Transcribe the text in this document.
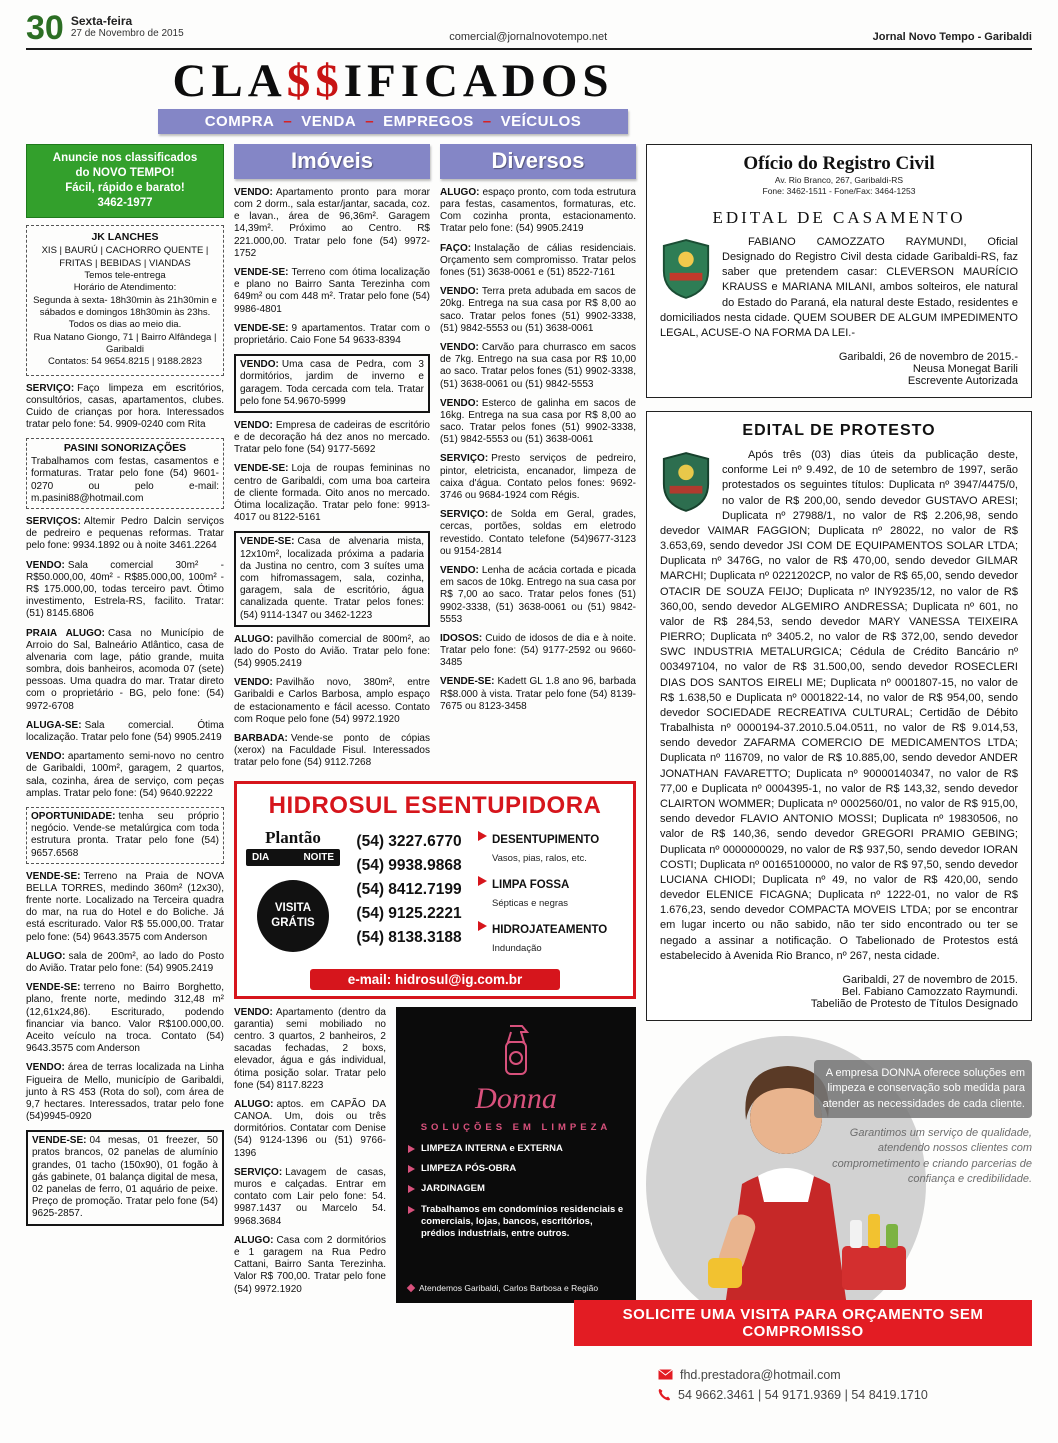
30 Sexta-feira
27 de Novembro de 2015	comercial@jornalnovotempo.net	Jornal Novo Tempo - Garibaldi
CLA$$IFICADOS
COMPRA – VENDA – EMPREGOS – VEÍCULOS
Anuncie nos classificados
do NOVO TEMPO!
Fácil, rápido e barato!
3462-1977
JK LANCHES
XIS | BAURÚ | CACHORRO QUENTE | FRITAS | BEBIDAS | VIANDAS
Temos tele-entrega
Horário de Atendimento:
Segunda à sexta- 18h30min às 21h30min e sábados e domingos 18h30min às 23hs.
Todos os dias ao meio dia.
Rua Natano Giongo, 71 | Bairro Alfândega | Garibaldi
Contatos: 54 9654.8215 | 9188.2823
SERVIÇO: Faço limpeza em escritórios, consultórios, casas, apartamentos, clubes. Cuido de crianças por hora. Interessados tratar pelo fone: 54. 9909-0240 com Rita
PASINI SONORIZAÇÕES
Trabalhamos com festas, casamentos e formaturas. Tratar pelo fone (54) 9601-0270 ou pelo e-mail: m.pasini88@hotmail.com
SERVIÇOS: Altemir Pedro Dalcin serviços de pedreiro e pequenas reformas. Tratar pelo fone: 9934.1892 ou à noite 3461.2264
VENDO: Sala comercial 30m² - R$50.000,00, 40m² - R$85.000,00, 100m² - R$ 175.000,00, todas terceiro pavt. Ótimo investimento, Estrela-RS, facilito. Tratar: (51) 8145.6806
PRAIA ALUGO: Casa no Município de Arroio do Sal, Balneário Atlântico, casa de alvenaria com lage, pátio grande, muita sombra, dois banheiros, acomoda 07 (sete) pessoas. Uma quadra do mar. Tratar direto com o proprietário - BG, pelo fone: (54) 9972-6708
ALUGA-SE: Sala comercial. Ótima localização. Tratar pelo fone (54) 9905.2419
VENDO: apartamento semi-novo no centro de Garibaldi, 100m², garagem, 2 quartos, sala, cozinha, área de serviço, com peças amplas. Tratar pelo fone: (54) 9640.92222
OPORTUNIDADE: tenha seu próprio negócio. Vende-se metalúrgica com toda estrutura pronta. Tratar pelo fone (54) 9657.6568
VENDE-SE: Terreno na Praia de NOVA BELLA TORRES, medindo 360m² (12x30), frente norte. Localizado na Terceira quadra do mar, na rua do Hotel e do Boliche. Já está escriturado. Valor R$ 55.000,00. Tratar pelo fone: (54) 9643.3575 com Anderson
ALUGO: sala de 200m², ao lado do Posto do Avião. Tratar pelo fone: (54) 9905.2419
VENDE-SE: terreno no Bairro Borghetto, plano, frente norte, medindo 312,48 m² (12,61x24,86). Escriturado, podendo financiar via banco. Valor R$100.000,00. Aceito veículo na troca. Contato (54) 9643.3575 com Anderson
VENDO: área de terras localizada na Linha Figueira de Mello, município de Garibaldi, junto à RS 453 (Rota do sol), com área de 9,7 hectares. Interessados, tratar pelo fone (54)9945-0920
VENDE-SE: 04 mesas, 01 freezer, 50 pratos brancos, 02 panelas de alumínio grandes, 01 tacho (150x90), 01 fogão à gás gabinete, 01 balança digital de mesa, 02 panelas de ferro, 01 aquário de peixe. Preço de promoção. Tratar pelo fone (54) 9625-2857.
Imóveis
VENDO: Apartamento pronto para morar com 2 dorm., sala estar/jantar, sacada, coz. e lavan., área de 96,36m². Garagem 14,39m². Próximo ao Centro. R$ 221.000,00. Tratar pelo fone (54) 9972-1752
VENDE-SE: Terreno com ótima localização e plano no Bairro Santa Terezinha com 649m² ou com 448 m². Tratar pelo fone (54) 9986-4801
VENDE-SE: 9 apartamentos. Tratar com o proprietário. Caio Fone 54 9633-8394
VENDO: Uma casa de Pedra, com 3 dormitórios, jardim de inverno e garagem. Toda cercada com tela. Tratar pelo fone 54.9670-5999
VENDO: Empresa de cadeiras de escritório e de decoração há dez anos no mercado. Tratar pelo fone (54) 9177-5692
VENDE-SE: Loja de roupas femininas no centro de Garibaldi, com uma boa carteira de cliente formada. Oito anos no mercado. Ótima localização. Tratar pelo fone: 9913-4017 ou 8122-5161
VENDE-SE: Casa de alvenaria mista, 12x10m², localizada próxima a padaria da Justina no centro, com 3 suítes uma com hifromassagem, sala, cozinha, garagem, sala de escritório, água canalizada quente. Tratar pelos fones: (54) 9114-1347 ou 3462-1223
ALUGO: pavilhão comercial de 800m², ao lado do Posto do Avião. Tratar pelo fone: (54) 9905.2419
VENDO: Pavilhão novo, 380m², entre Garibaldi e Carlos Barbosa, amplo espaço de estacionamento e fácil acesso. Contato com Roque pelo fone (54) 9972.1920
BARBADA: Vende-se ponto de cópias (xerox) na Faculdade Fisul. Interessados tratar pelo fone (54) 9112.7268
Diversos
ALUGO: espaço pronto, com toda estrutura para festas, casamentos, formaturas, etc. Com cozinha pronta, estacionamento. Tratar pelo fone: (54) 9905.2419
FAÇO: Instalação de cálias residenciais. Orçamento sem compromisso. Tratar pelos fones (51) 3638-0061 e (51) 8522-7161
VENDO: Terra preta adubada em sacos de 20kg. Entrega na sua casa por R$ 8,00 ao saco. Tratar pelos fones (51) 9902-3338, (51) 9842-5553 ou (51) 3638-0061
VENDO: Carvão para churrasco em sacos de 7kg. Entrego na sua casa por R$ 10,00 ao saco. Tratar pelos fones (51) 9902-3338, (51) 3638-0061 ou (51) 9842-5553
VENDO: Esterco de galinha em sacos de 16kg. Entrega na sua casa por R$ 8,00 ao saco. Tratar pelos fones (51) 9902-3338, (51) 9842-5553 ou (51) 3638-0061
SERVIÇO: Presto serviços de pedreiro, pintor, eletricista, encanador, limpeza de caixa d'água. Contato pelos fones: 9692-3746 ou 9684-1924 com Régis.
SERVIÇO: de Solda em Geral, grades, cercas, portões, soldas em eletrodo revestido. Contato telefone (54)9677-3123 ou 9154-2814
VENDO: Lenha de acácia cortada e picada em sacos de 10kg. Entrego na sua casa por R$ 7,00 ao saco. Tratar pelos fones (51) 9902-3338, (51) 3638-0061 ou (51) 9842-5553
IDOSOS: Cuido de idosos de dia e à noite. Tratar pelo fone: (54) 9177-2592 ou 9660-3485
VENDE-SE: Kadett GL 1.8 ano 96, barbada R$8.000 à vista. Tratar pelo fone (54) 8139-7675 ou 8123-3458
HIDROSUL ESENTUPIDORA
Plantão
DIA	NOITE
VISITA GRÁTIS
(54) 3227.6770
(54) 9938.9868
(54) 8412.7199
(54) 9125.2221
(54) 8138.3188
DESENTUPIMENTO
Vasos, pias, ralos, etc.
LIMPA FOSSA
Sépticas e negras
HIDROJATEAMENTO
Indundação
e-mail: hidrosul@ig.com.br
VENDO: Apartamento (dentro da garantia) semi mobiliado no centro. 3 quartos, 2 banheiros, 2 sacadas fechadas, 2 boxs, elevador, água e gás individual, ótima posição solar. Tratar pelo fone (54) 8117.8223
ALUGO: aptos. em CAPÃO DA CANOA. Um, dois ou três dormitórios. Contatar com Denise (54) 9124-1396 ou (51) 9766-1396
SERVIÇO: Lavagem de casas, muros e calçadas. Entrar em contato com Lair pelo fone: 54. 9987.1437 ou Marcelo 54. 9968.3684
ALUGO: Casa com 2 dormitórios e 1 garagem na Rua Pedro Cattani, Bairro Santa Terezinha. Valor R$ 700,00. Tratar pelo fone (54) 9972.1920
Donna
SOLUÇÕES EM LIMPEZA
LIMPEZA INTERNA e EXTERNA
LIMPEZA PÓS-OBRA
JARDINAGEM
Trabalhamos em condomínios residenciais e comerciais, lojas, bancos, escritórios, prédios industriais, entre outros.
Atendemos Garibaldi, Carlos Barbosa e Região
Ofício do Registro Civil
Av. Rio Branco, 267, Garibaldi-RS
Fone: 3462-1511 - Fone/Fax: 3464-1253
EDITAL DE CASAMENTO
FABIANO CAMOZZATO RAYMUNDI, Oficial Designado do Registro Civil desta cidade Garibaldi-RS, faz saber que pretendem casar: CLEVERSON MAURÍCIO KRAUSS e MARIANA MILANI, ambos solteiros, ele natural do Estado do Paraná, ela natural deste Estado, residentes e domiciliados nesta cidade. QUEM SOUBER DE ALGUM IMPEDIMENTO LEGAL, ACUSE-O NA FORMA DA LEI.-
Garibaldi, 26 de novembro de 2015.-
Neusa Monegat Barili
Escrevente Autorizada
EDITAL DE PROTESTO
Após três (03) dias úteis da publicação deste, conforme Lei nº 9.492, de 10 de setembro de 1997, serão protestados os seguintes títulos: Duplicata nº 3947/4475/0, no valor de R$ 200,00, sendo devedor GUSTAVO ARESI; Duplicata nº 27988/1, no valor de R$ 2.206,98, sendo devedor VAIMAR FAGGION; Duplicata nº 28022, no valor de R$ 3.653,69, sendo devedor JSI COM DE EQUIPAMENTOS SOLAR LTDA; Duplicata nº 3476G, no valor de R$ 470,00, sendo devedor GILMAR MARCHI; Duplicata nº 0221202CP, no valor de R$ 65,00, sendo devedor OTACIR DE SOUZA FEIJO; Duplicata nº INY9235/12, no valor de R$ 360,00, sendo devedor ALGEMIRO ANDRESSA; Duplicata nº 601, no valor de R$ 284,53, sendo devedor MARY VANESSA TEIXEIRA PIERRO; Duplicata nº 3405.2, no valor de R$ 372,00, sendo devedor SWC INDUSTRIA METALURGICA; Cédula de Crédito Bancário nº 003497104, no valor de R$ 31.500,00, sendo devedor ROSECLERI DIAS DOS SANTOS EIRELI ME; Duplicata nº 0001807-15, no valor de R$ 1.638,50 e Duplicata nº 0001822-14, no valor de R$ 954,00, sendo devedor SOCIEDADE RECREATIVA CULTURAL; Certidão de Débito Trabalhista nº 0000194-37.2010.5.04.0511, no valor de R$ 9.014,53, sendo devedor ZAFARMA COMERCIO DE MEDICAMENTOS LTDA; Duplicata nº 116709, no valor de R$ 10.885,00, sendo devedor ANDER JONATHAN FAVARETTO; Duplicata nº 90000140347, no valor de R$ 77,00 e Duplicata nº 0004395-1, no valor de R$ 143,32, sendo devedor CLAIRTON WOMMER; Duplicata nº 0002560/01, no valor de R$ 915,00, sendo devedor FLAVIO ANTONIO MOSSI; Duplicata nº 19830506, no valor de R$ 140,36, sendo devedor GREGORI PRAMIO GEBING; Duplicata nº 0000000029, no valor de R$ 937,50, sendo devedor IORAN COSTI; Duplicata nº 00165100000, no valor de R$ 97,50, sendo devedor LUCIANA CHIODI; Duplicata nº 49, no valor de R$ 420,00, sendo devedor ELENICE FICAGNA; Duplicata nº 1222-01, no valor de R$ 1.676,23, sendo devedor COMPACTA MOVEIS LTDA; por se encontrar em lugar incerto ou não sabido, não ter sido encontrado ou ter se negado a assinar a notificação. O Tabelionado de Protestos está estabelecido à Avenida Rio Branco, nº 267, nesta cidade.
Garibaldi, 27 de novembro de 2015.
Bel. Fabiano Camozzato Raymundi.
Tabelião de Protesto de Títulos Designado

A empresa DONNA oferece soluções em limpeza e conservação sob medida para atender as necessidades de cada cliente.

Garantimos um serviço de qualidade, atendendo nossos clientes com comprometimento e criando parcerias de confiança e credibilidade.

SOLICITE UMA VISITA PARA ORÇAMENTO SEM COMPROMISSO
fhd.prestadora@hotmail.com
54 9662.3461 | 54 9171.9369 | 54 8419.1710
